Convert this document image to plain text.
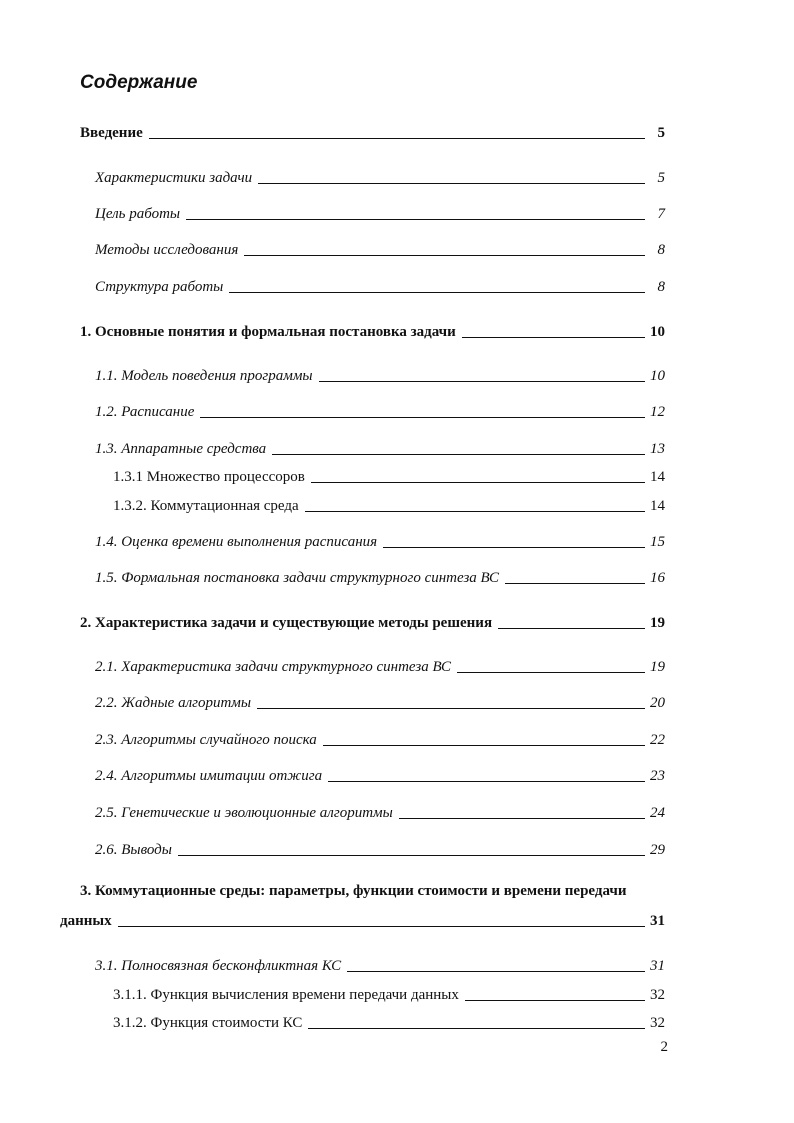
Содержание
Введение	5
Характеристики задачи	5
Цель работы	7
Методы исследования	8
Структура работы	8
1. Основные понятия и формальная постановка задачи	10
1.1. Модель поведения программы	10
1.2. Расписание	12
1.3. Аппаратные средства	13
1.3.1 Множество процессоров	14
1.3.2. Коммутационная среда	14
1.4. Оценка времени выполнения расписания	15
1.5. Формальная постановка задачи структурного синтеза ВС	16
2. Характеристика задачи и существующие методы решения	19
2.1. Характеристика задачи структурного синтеза ВС	19
2.2. Жадные алгоритмы	20
2.3. Алгоритмы случайного поиска	22
2.4. Алгоритмы имитации отжига	23
2.5. Генетические и эволюционные алгоритмы	24
2.6. Выводы	29
3. Коммутационные среды: параметры, функции стоимости и времени передачи
данных	31
3.1. Полносвязная бесконфликтная КС	31
3.1.1. Функция вычисления времени передачи данных	32
3.1.2. Функция стоимости КС	32
2
